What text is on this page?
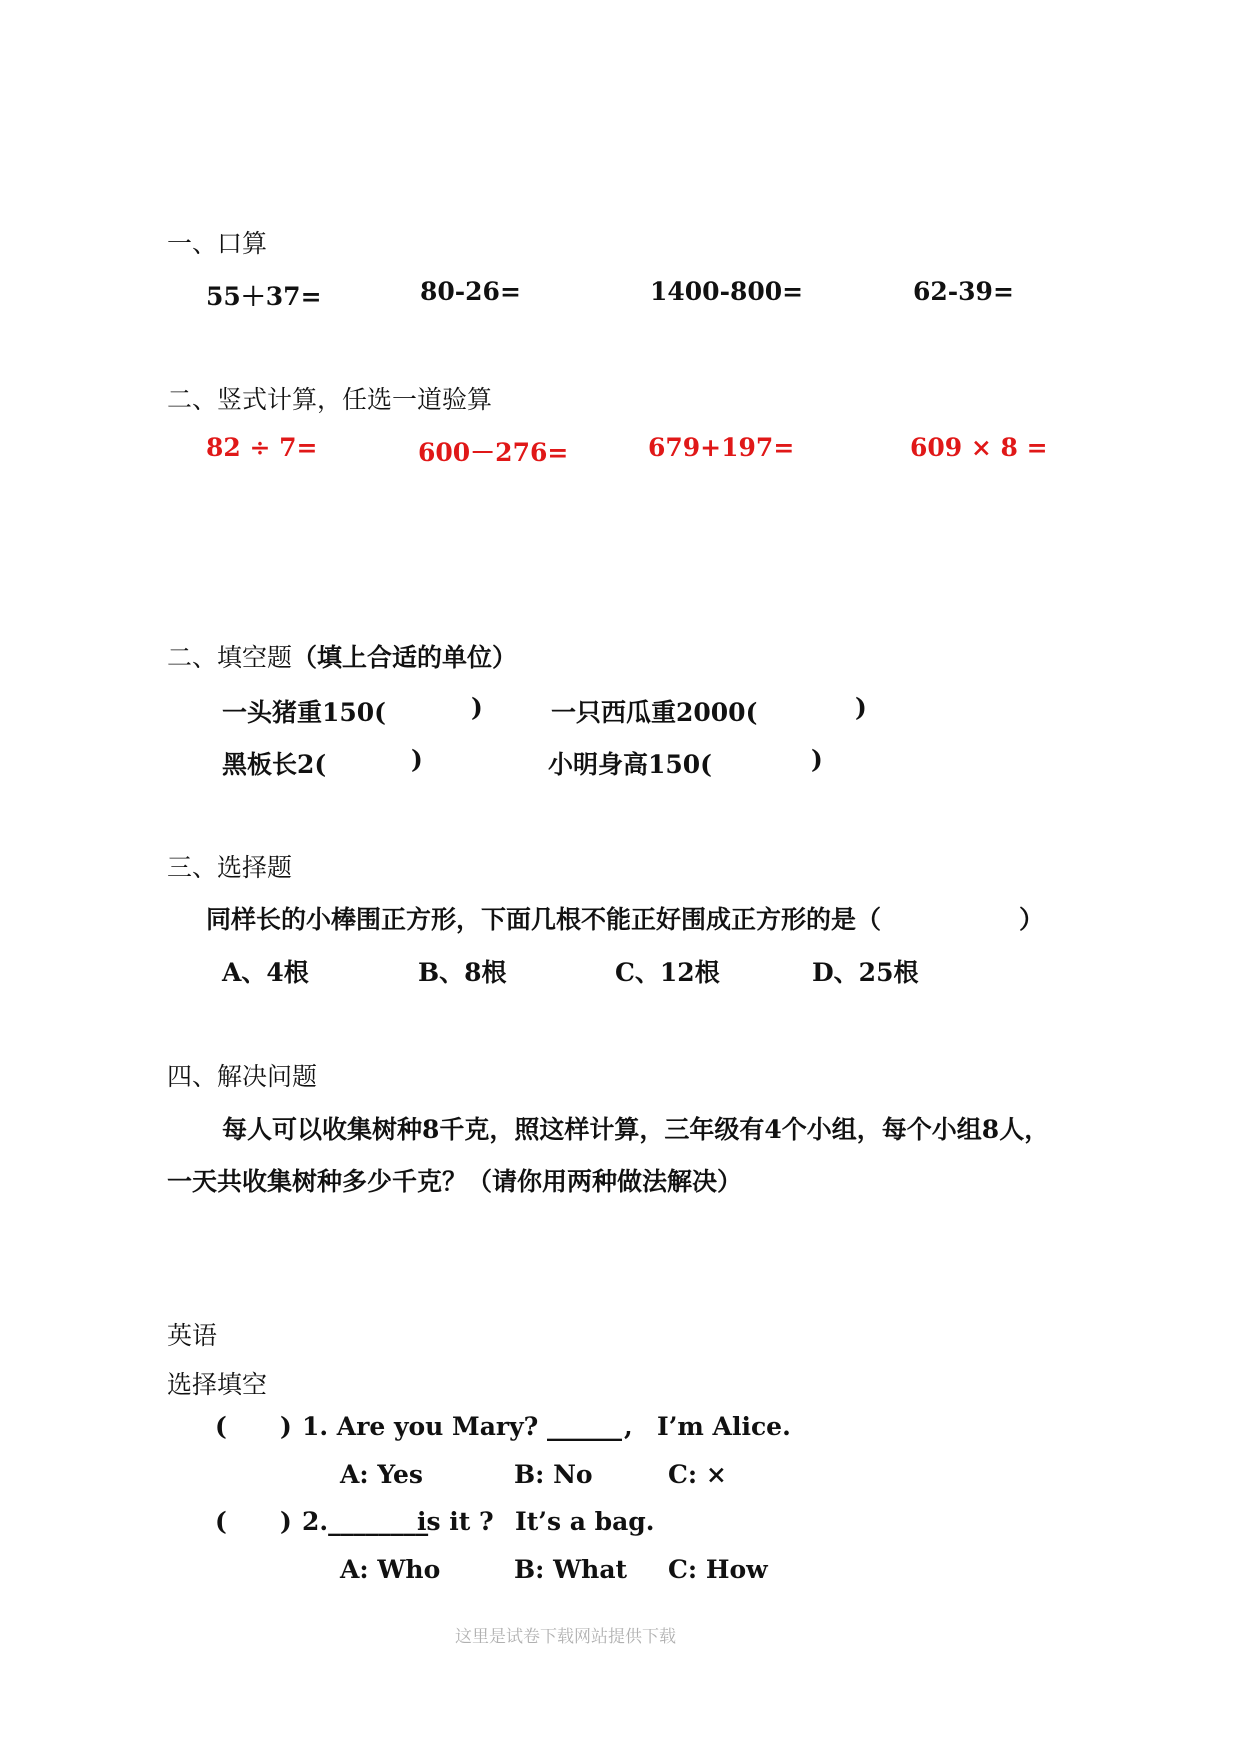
一、口算
55＋37=	80-26=	1400-800=	62-39=
二、竖式计算，任选一道验算
82 ÷ 7=	600－276=	679+197=	609 × 8 =
二、填空题（填上合适的单位）
一头猪重150(	)	一只西瓜重2000(	)
黑板长2(	)	小明身高150(	)
三、选择题
同样长的小棒围正方形，下面几根不能正好围成正方形的是（	）
A、4根	B、8根	C、12根	D、25根
四、解决问题
每人可以收集树种8千克，照这样计算，三年级有4个小组，每个小组8人，
一天共收集树种多少千克？（请你用两种做法解决）
英语
选择填空
( ) 1. Are you Mary? ______ , I’m Alice.
A: Yes	B: No	C: ×
( ) 2.________
is it ? It’s a bag.
A: Who	B: What C: How
这里是试卷下载网站提供下载
